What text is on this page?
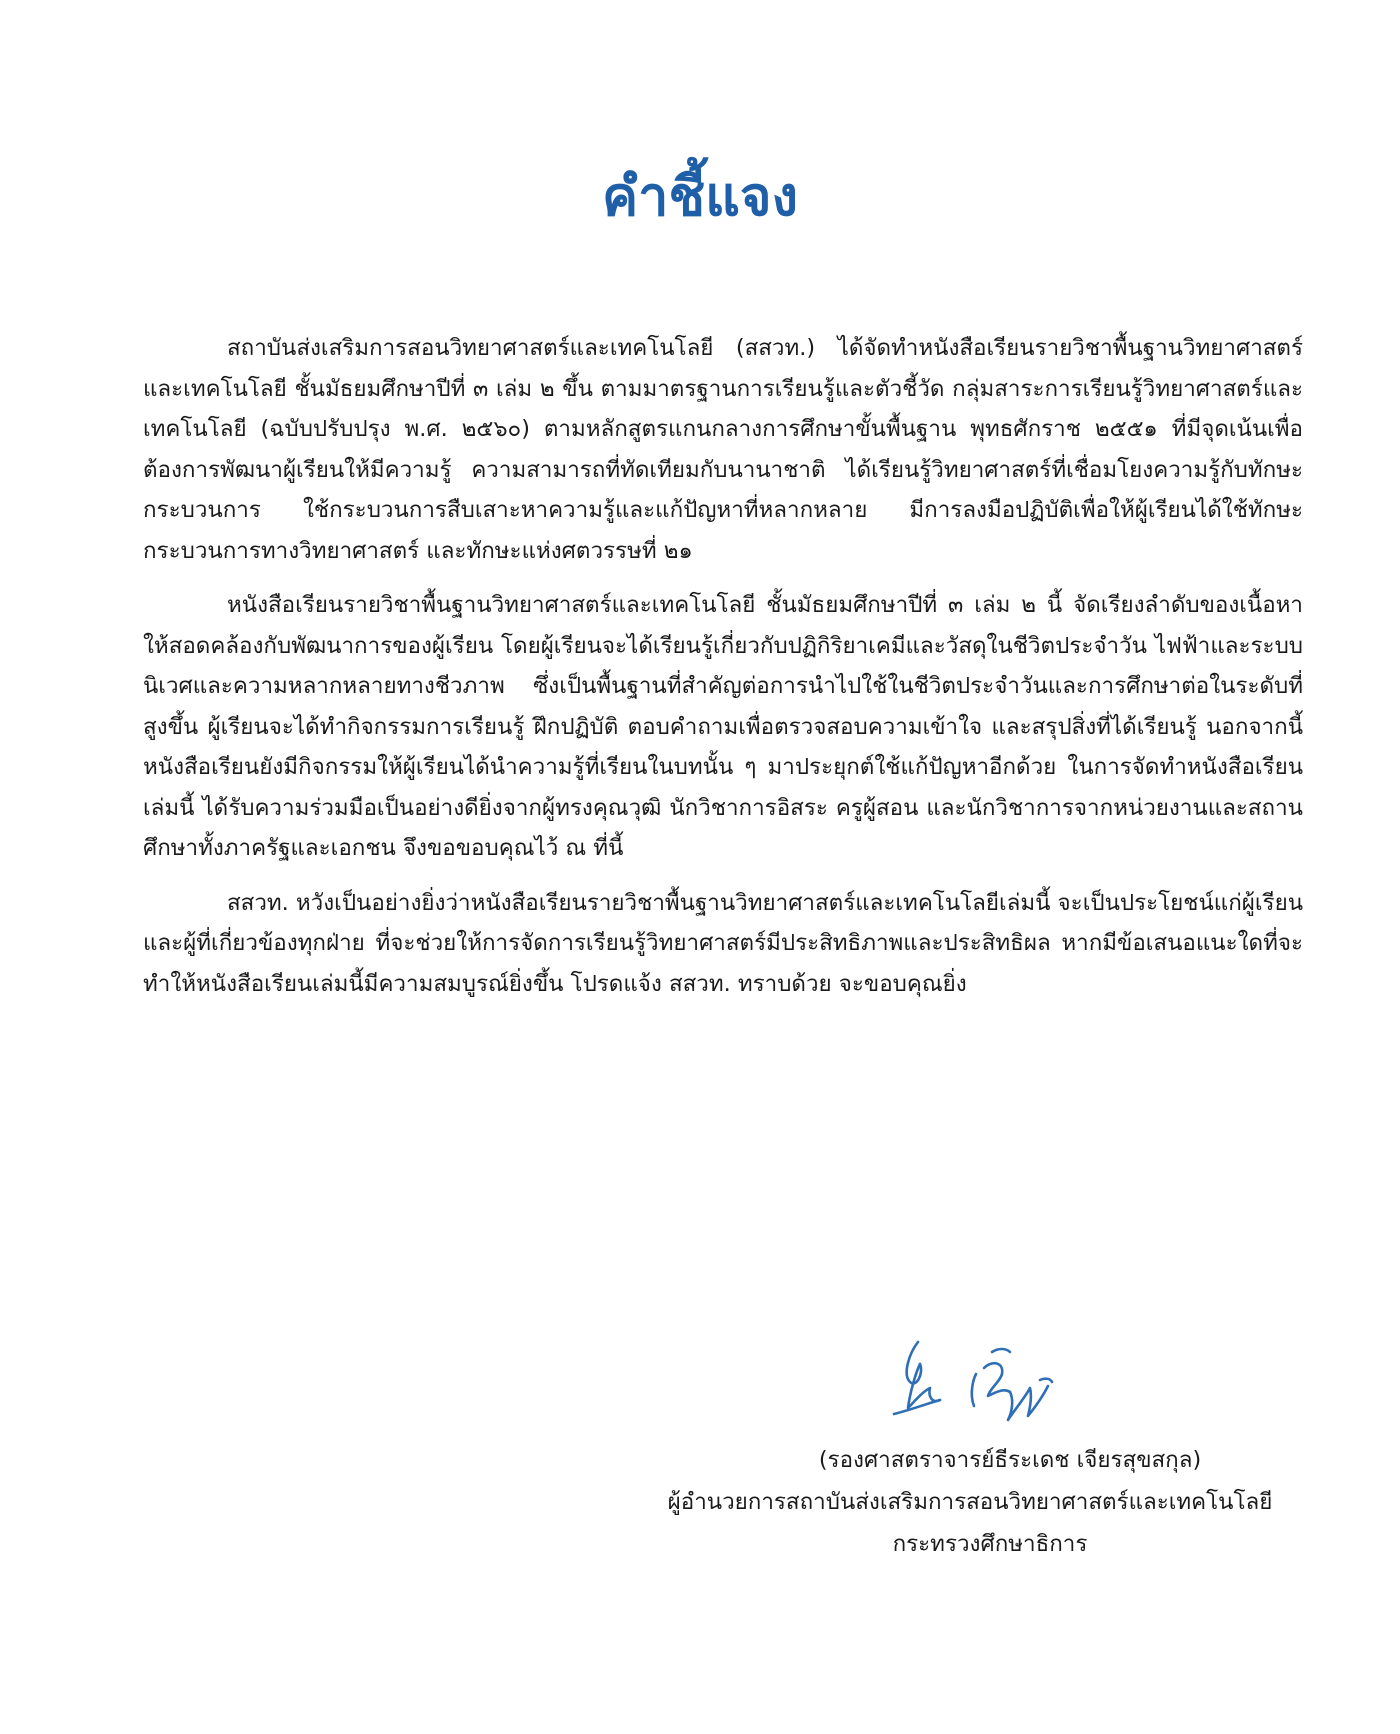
คำชี้แจง

สถาบันส่งเสริมการสอนวิทยาศาสตร์และเทคโนโลยี (สสวท.) ได้จัดทำหนังสือเรียนรายวิชาพื้นฐานวิทยาศาสตร์และเทคโนโลยี ชั้นมัธยมศึกษาปีที่ ๓ เล่ม ๒ ขึ้น ตามมาตรฐานการเรียนรู้และตัวชี้วัด กลุ่มสาระการเรียนรู้วิทยาศาสตร์และเทคโนโลยี (ฉบับปรับปรุง พ.ศ. ๒๕๖๐) ตามหลักสูตรแกนกลางการศึกษาขั้นพื้นฐาน พุทธศักราช ๒๕๕๑ ที่มีจุดเน้นเพื่อต้องการพัฒนาผู้เรียนให้มีความรู้ ความสามารถที่ทัดเทียมกับนานาชาติ ได้เรียนรู้วิทยาศาสตร์ที่เชื่อมโยงความรู้กับทักษะกระบวนการ ใช้กระบวนการสืบเสาะหาความรู้และแก้ปัญหาที่หลากหลาย มีการลงมือปฏิบัติเพื่อให้ผู้เรียนได้ใช้ทักษะกระบวนการทางวิทยาศาสตร์ และทักษะแห่งศตวรรษที่ ๒๑

หนังสือเรียนรายวิชาพื้นฐานวิทยาศาสตร์และเทคโนโลยี ชั้นมัธยมศึกษาปีที่ ๓ เล่ม ๒ นี้ จัดเรียงลำดับของเนื้อหาให้สอดคล้องกับพัฒนาการของผู้เรียน โดยผู้เรียนจะได้เรียนรู้เกี่ยวกับปฏิกิริยาเคมีและวัสดุในชีวิตประจำวัน ไฟฟ้าและระบบนิเวศและความหลากหลายทางชีวภาพ ซึ่งเป็นพื้นฐานที่สำคัญต่อการนำไปใช้ในชีวิตประจำวันและการศึกษาต่อในระดับที่สูงขึ้น ผู้เรียนจะได้ทำกิจกรรมการเรียนรู้ ฝึกปฏิบัติ ตอบคำถามเพื่อตรวจสอบความเข้าใจ และสรุปสิ่งที่ได้เรียนรู้ นอกจากนี้หนังสือเรียนยังมีกิจกรรมให้ผู้เรียนได้นำความรู้ที่เรียนในบทนั้น ๆ มาประยุกต์ใช้แก้ปัญหาอีกด้วย ในการจัดทำหนังสือเรียนเล่มนี้ ได้รับความร่วมมือเป็นอย่างดียิ่งจากผู้ทรงคุณวุฒิ นักวิชาการอิสระ ครูผู้สอน และนักวิชาการจากหน่วยงานและสถานศึกษาทั้งภาครัฐและเอกชน จึงขอขอบคุณไว้ ณ ที่นี้

สสวท. หวังเป็นอย่างยิ่งว่าหนังสือเรียนรายวิชาพื้นฐานวิทยาศาสตร์และเทคโนโลยีเล่มนี้ จะเป็นประโยชน์แก่ผู้เรียนและผู้ที่เกี่ยวข้องทุกฝ่าย ที่จะช่วยให้การจัดการเรียนรู้วิทยาศาสตร์มีประสิทธิภาพและประสิทธิผล หากมีข้อเสนอแนะใดที่จะทำให้หนังสือเรียนเล่มนี้มีความสมบูรณ์ยิ่งขึ้น โปรดแจ้ง สสวท. ทราบด้วย จะขอบคุณยิ่ง

(รองศาสตราจารย์ธีระเดช เจียรสุขสกุล)
ผู้อำนวยการสถาบันส่งเสริมการสอนวิทยาศาสตร์และเทคโนโลยี
กระทรวงศึกษาธิการ
